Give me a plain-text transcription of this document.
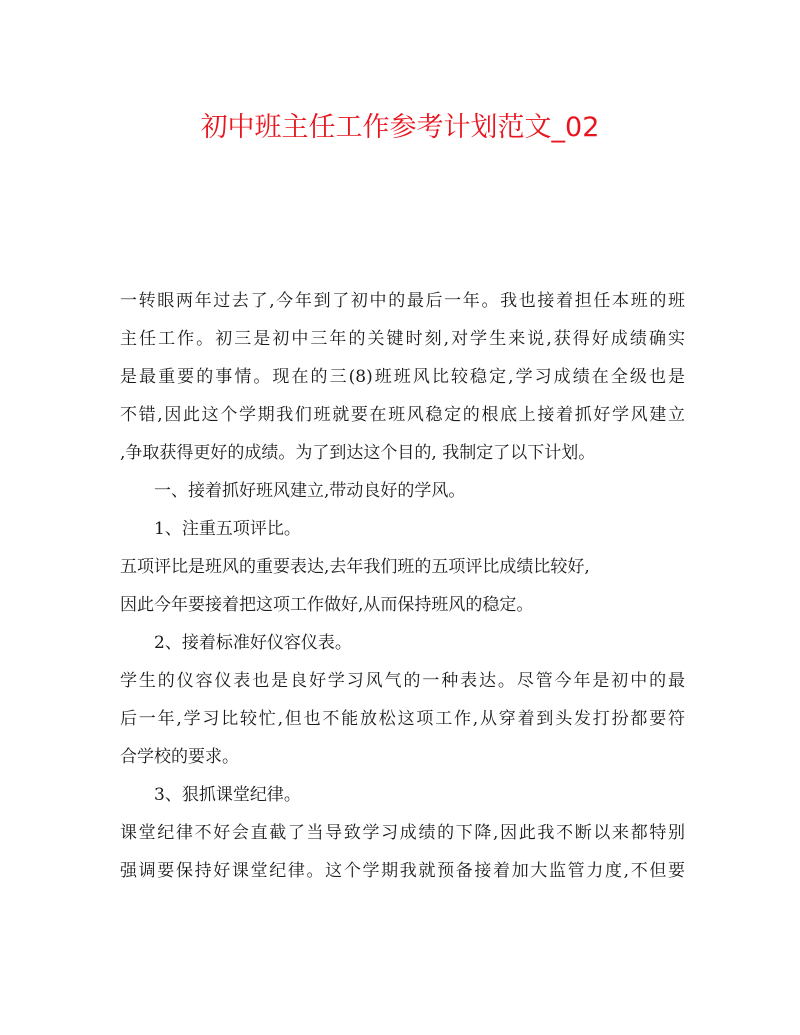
初中班主任工作参考计划范文_02
一转眼两年过去了,今年到了初中的最后一年。我也接着担任本班的班
主任工作。初三是初中三年的关键时刻,对学生来说,获得好成绩确实
是最重要的事情。现在的三(8)班班风比较稳定,学习成绩在全级也是
不错,因此这个学期我们班就要在班风稳定的根底上接着抓好学风建立
,争取获得更好的成绩。为了到达这个目的, 我制定了以下计划。
一、接着抓好班风建立,带动良好的学风。
1、注重五项评比。
五项评比是班风的重要表达,去年我们班的五项评比成绩比较好,
因此今年要接着把这项工作做好,从而保持班风的稳定。
2、接着标准好仪容仪表。
学生的仪容仪表也是良好学习风气的一种表达。尽管今年是初中的最
后一年,学习比较忙,但也不能放松这项工作,从穿着到头发打扮都要符
合学校的要求。
3、狠抓课堂纪律。
课堂纪律不好会直截了当导致学习成绩的下降,因此我不断以来都特别
强调要保持好课堂纪律。这个学期我就预备接着加大监管力度,不但要
